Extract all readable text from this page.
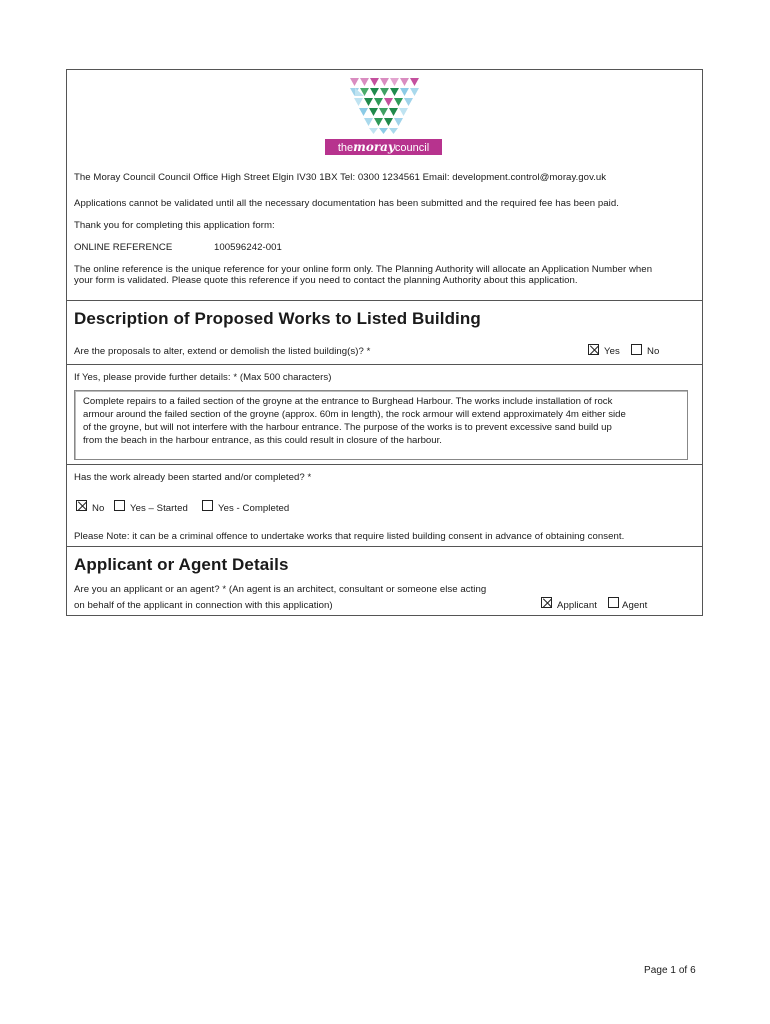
themoraycouncil
The Moray Council Council Office High Street Elgin IV30 1BX Tel: 0300 1234561 Email: development.control@moray.gov.uk
Applications cannot be validated until all the necessary documentation has been submitted and the required fee has been paid.
Thank you for completing this application form:
ONLINE REFERENCE	100596242-001
The online reference is the unique reference for your online form only. The Planning Authority will allocate an Application Number when
your form is validated. Please quote this reference if you need to contact the planning Authority about this application.
Description of Proposed Works to Listed Building
Are the proposals to alter, extend or demolish the listed building(s)? *	Yes	No
If Yes, please provide further details: * (Max 500 characters)

Complete repairs to a failed section of the groyne at the entrance to Burghead Harbour. The works include installation of rock

armour around the failed section of the groyne (approx. 60m in length), the rock armour will extend approximately 4m either side

of the groyne, but will not interfere with the harbour entrance. The purpose of the works is to prevent excessive sand build up

from the beach in the harbour entrance, as this could result in closure of the harbour.

Has the work already been started and/or completed? *
No	Yes – Started	Yes - Completed
Please Note: it can be a criminal offence to undertake works that require listed building consent in advance of obtaining consent.
Applicant or Agent Details
Are you an applicant or an agent? * (An agent is an architect, consultant or someone else acting
on behalf of the applicant in connection with this application)	Applicant	Agent
Page 1 of 6
